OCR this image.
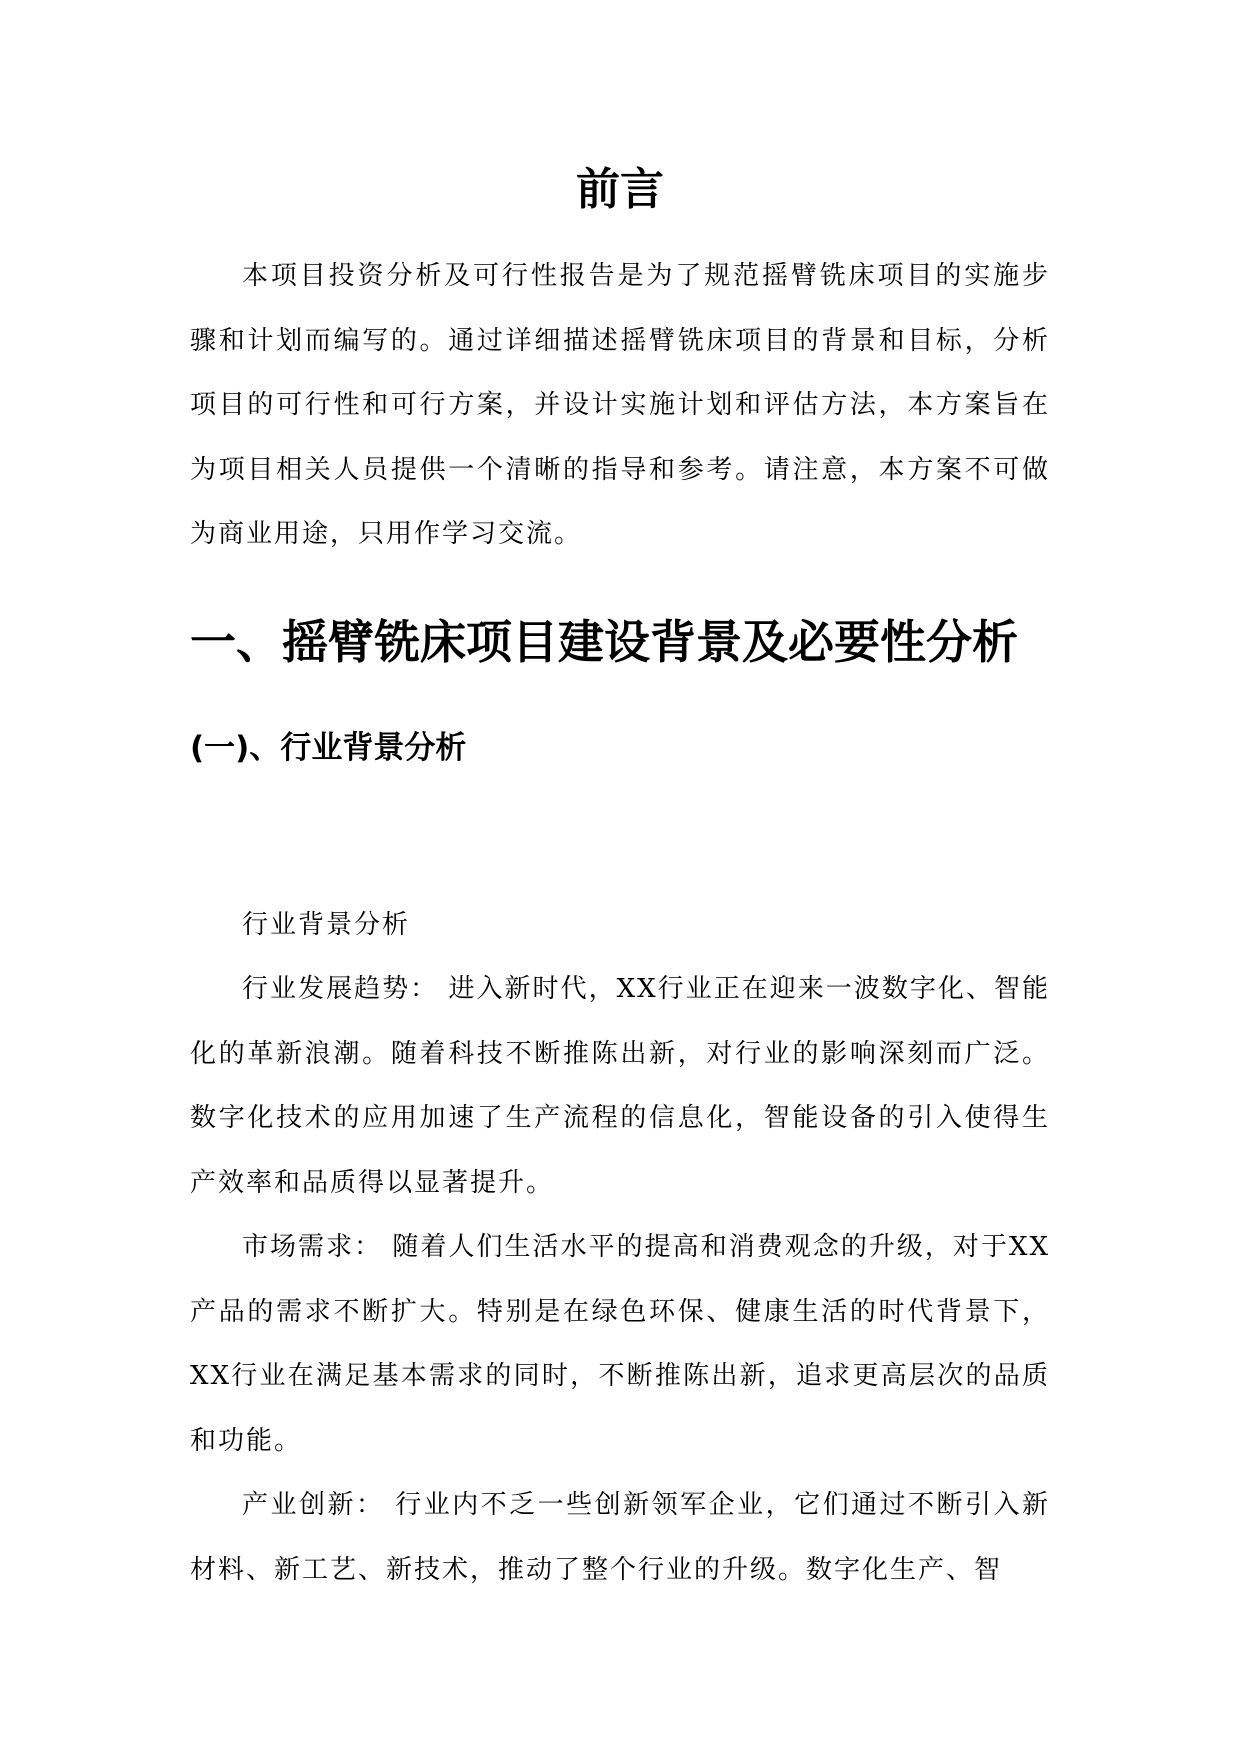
前言

本项目投资分析及可行性报告是为了规范摇臂铣床项目的实施步骤和计划而编写的。通过详细描述摇臂铣床项目的背景和目标，分析项目的可行性和可行方案，并设计实施计划和评估方法，本方案旨在为项目相关人员提供一个清晰的指导和参考。请注意，本方案不可做为商业用途，只用作学习交流。

一、摇臂铣床项目建设背景及必要性分析
(一)、行业背景分析

行业背景分析

行业发展趋势： 进入新时代，XX行业正在迎来一波数字化、智能化的革新浪潮。随着科技不断推陈出新，对行业的影响深刻而广泛。数字化技术的应用加速了生产流程的信息化，智能设备的引入使得生产效率和品质得以显著提升。

市场需求： 随着人们生活水平的提高和消费观念的升级，对于XX产品的需求不断扩大。特别是在绿色环保、健康生活的时代背景下，XX行业在满足基本需求的同时，不断推陈出新，追求更高层次的品质和功能。

产业创新： 行业内不乏一些创新领军企业，它们通过不断引入新材料、新工艺、新技术，推动了整个行业的升级。数字化生产、智
